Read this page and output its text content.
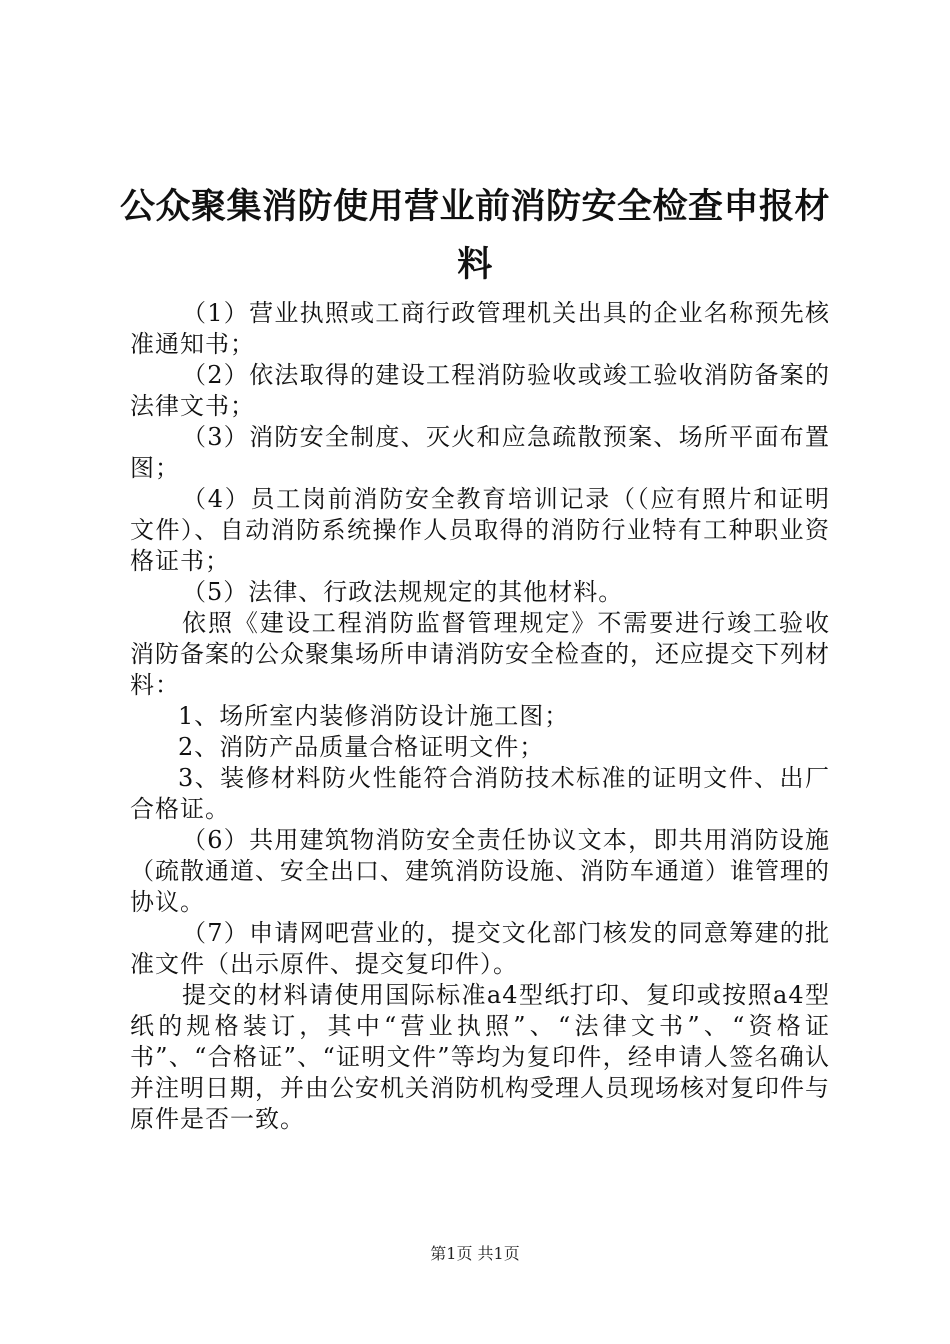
公众聚集消防使用营业前消防安全检查申报材料

（1）营业执照或工商行政管理机关出具的企业名称预先核准通知书；

（2）依法取得的建设工程消防验收或竣工验收消防备案的法律文书；

（3）消防安全制度、灭火和应急疏散预案、场所平面布置图；

（4）员工岗前消防安全教育培训记录（（应有照片和证明文件）、自动消防系统操作人员取得的消防行业特有工种职业资格证书；

（5）法律、行政法规规定的其他材料。

依照《建设工程消防监督管理规定》不需要进行竣工验收消防备案的公众聚集场所申请消防安全检查的，还应提交下列材料：

1、场所室内装修消防设计施工图；

2、消防产品质量合格证明文件；

3、装修材料防火性能符合消防技术标准的证明文件、出厂合格证。

（6）共用建筑物消防安全责任协议文本，即共用消防设施（疏散通道、安全出口、建筑消防设施、消防车通道）谁管理的协议。

（7）申请网吧营业的，提交文化部门核发的同意筹建的批准文件（出示原件、提交复印件）。

提交的材料请使用国际标准a4型纸打印、复印或按照a4型纸的规格装订，其中“营业执照”、“法律文书”、“资格证书”、“合格证”、“证明文件”等均为复印件，经申请人签名确认并注明日期，并由公安机关消防机构受理人员现场核对复印件与原件是否一致。

第1页 共1页
